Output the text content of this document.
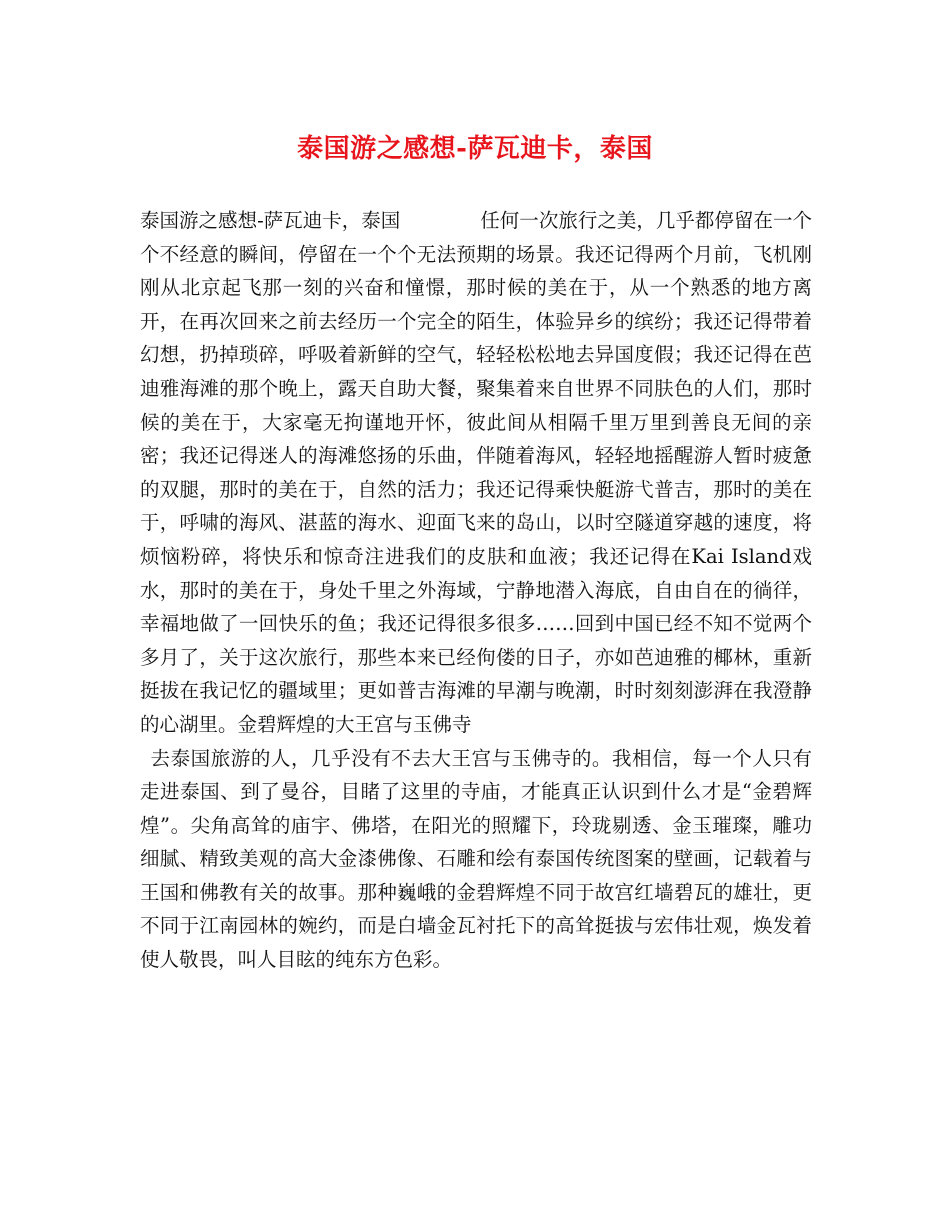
泰国游之感想-萨瓦迪卡，泰国

泰国游之感想-萨瓦迪卡，泰国	任何一次旅行之美，几乎都停留在一个个不经意的瞬间，停留在一个个无法预期的场景。我还记得两个月前，飞机刚刚从北京起飞那一刻的兴奋和憧憬，那时候的美在于，从一个熟悉的地方离开，在再次回来之前去经历一个完全的陌生，体验异乡的缤纷；我还记得带着幻想，扔掉琐碎，呼吸着新鲜的空气，轻轻松松地去异国度假；我还记得在芭迪雅海滩的那个晚上，露天自助大餐，聚集着来自世界不同肤色的人们，那时候的美在于，大家毫无拘谨地开怀，彼此间从相隔千里万里到善良无间的亲密；我还记得迷人的海滩悠扬的乐曲，伴随着海风，轻轻地摇醒游人暂时疲惫的双腿，那时的美在于，自然的活力；我还记得乘快艇游弋普吉，那时的美在于，呼啸的海风、湛蓝的海水、迎面飞来的岛山，以时空隧道穿越的速度，将烦恼粉碎，将快乐和惊奇注进我们的皮肤和血液；我还记得在Kai Island戏水，那时的美在于，身处千里之外海域，宁静地潜入海底，自由自在的徜徉，幸福地做了一回快乐的鱼；我还记得很多很多……回到中国已经不知不觉两个多月了，关于这次旅行，那些本来已经佝偻的日子，亦如芭迪雅的椰林，重新挺拔在我记忆的疆域里；更如普吉海滩的早潮与晚潮，时时刻刻澎湃在我澄静的心湖里。金碧辉煌的大王宫与玉佛寺

去泰国旅游的人，几乎没有不去大王宫与玉佛寺的。我相信，每一个人只有走进泰国、到了曼谷，目睹了这里的寺庙，才能真正认识到什么才是“金碧辉煌”。尖角高耸的庙宇、佛塔，在阳光的照耀下，玲珑剔透、金玉璀璨，雕功细腻、精致美观的高大金漆佛像、石雕和绘有泰国传统图案的壁画，记载着与王国和佛教有关的故事。那种巍峨的金碧辉煌不同于故宫红墙碧瓦的雄壮，更不同于江南园林的婉约，而是白墙金瓦衬托下的高耸挺拔与宏伟壮观，焕发着使人敬畏，叫人目眩的纯东方色彩。
